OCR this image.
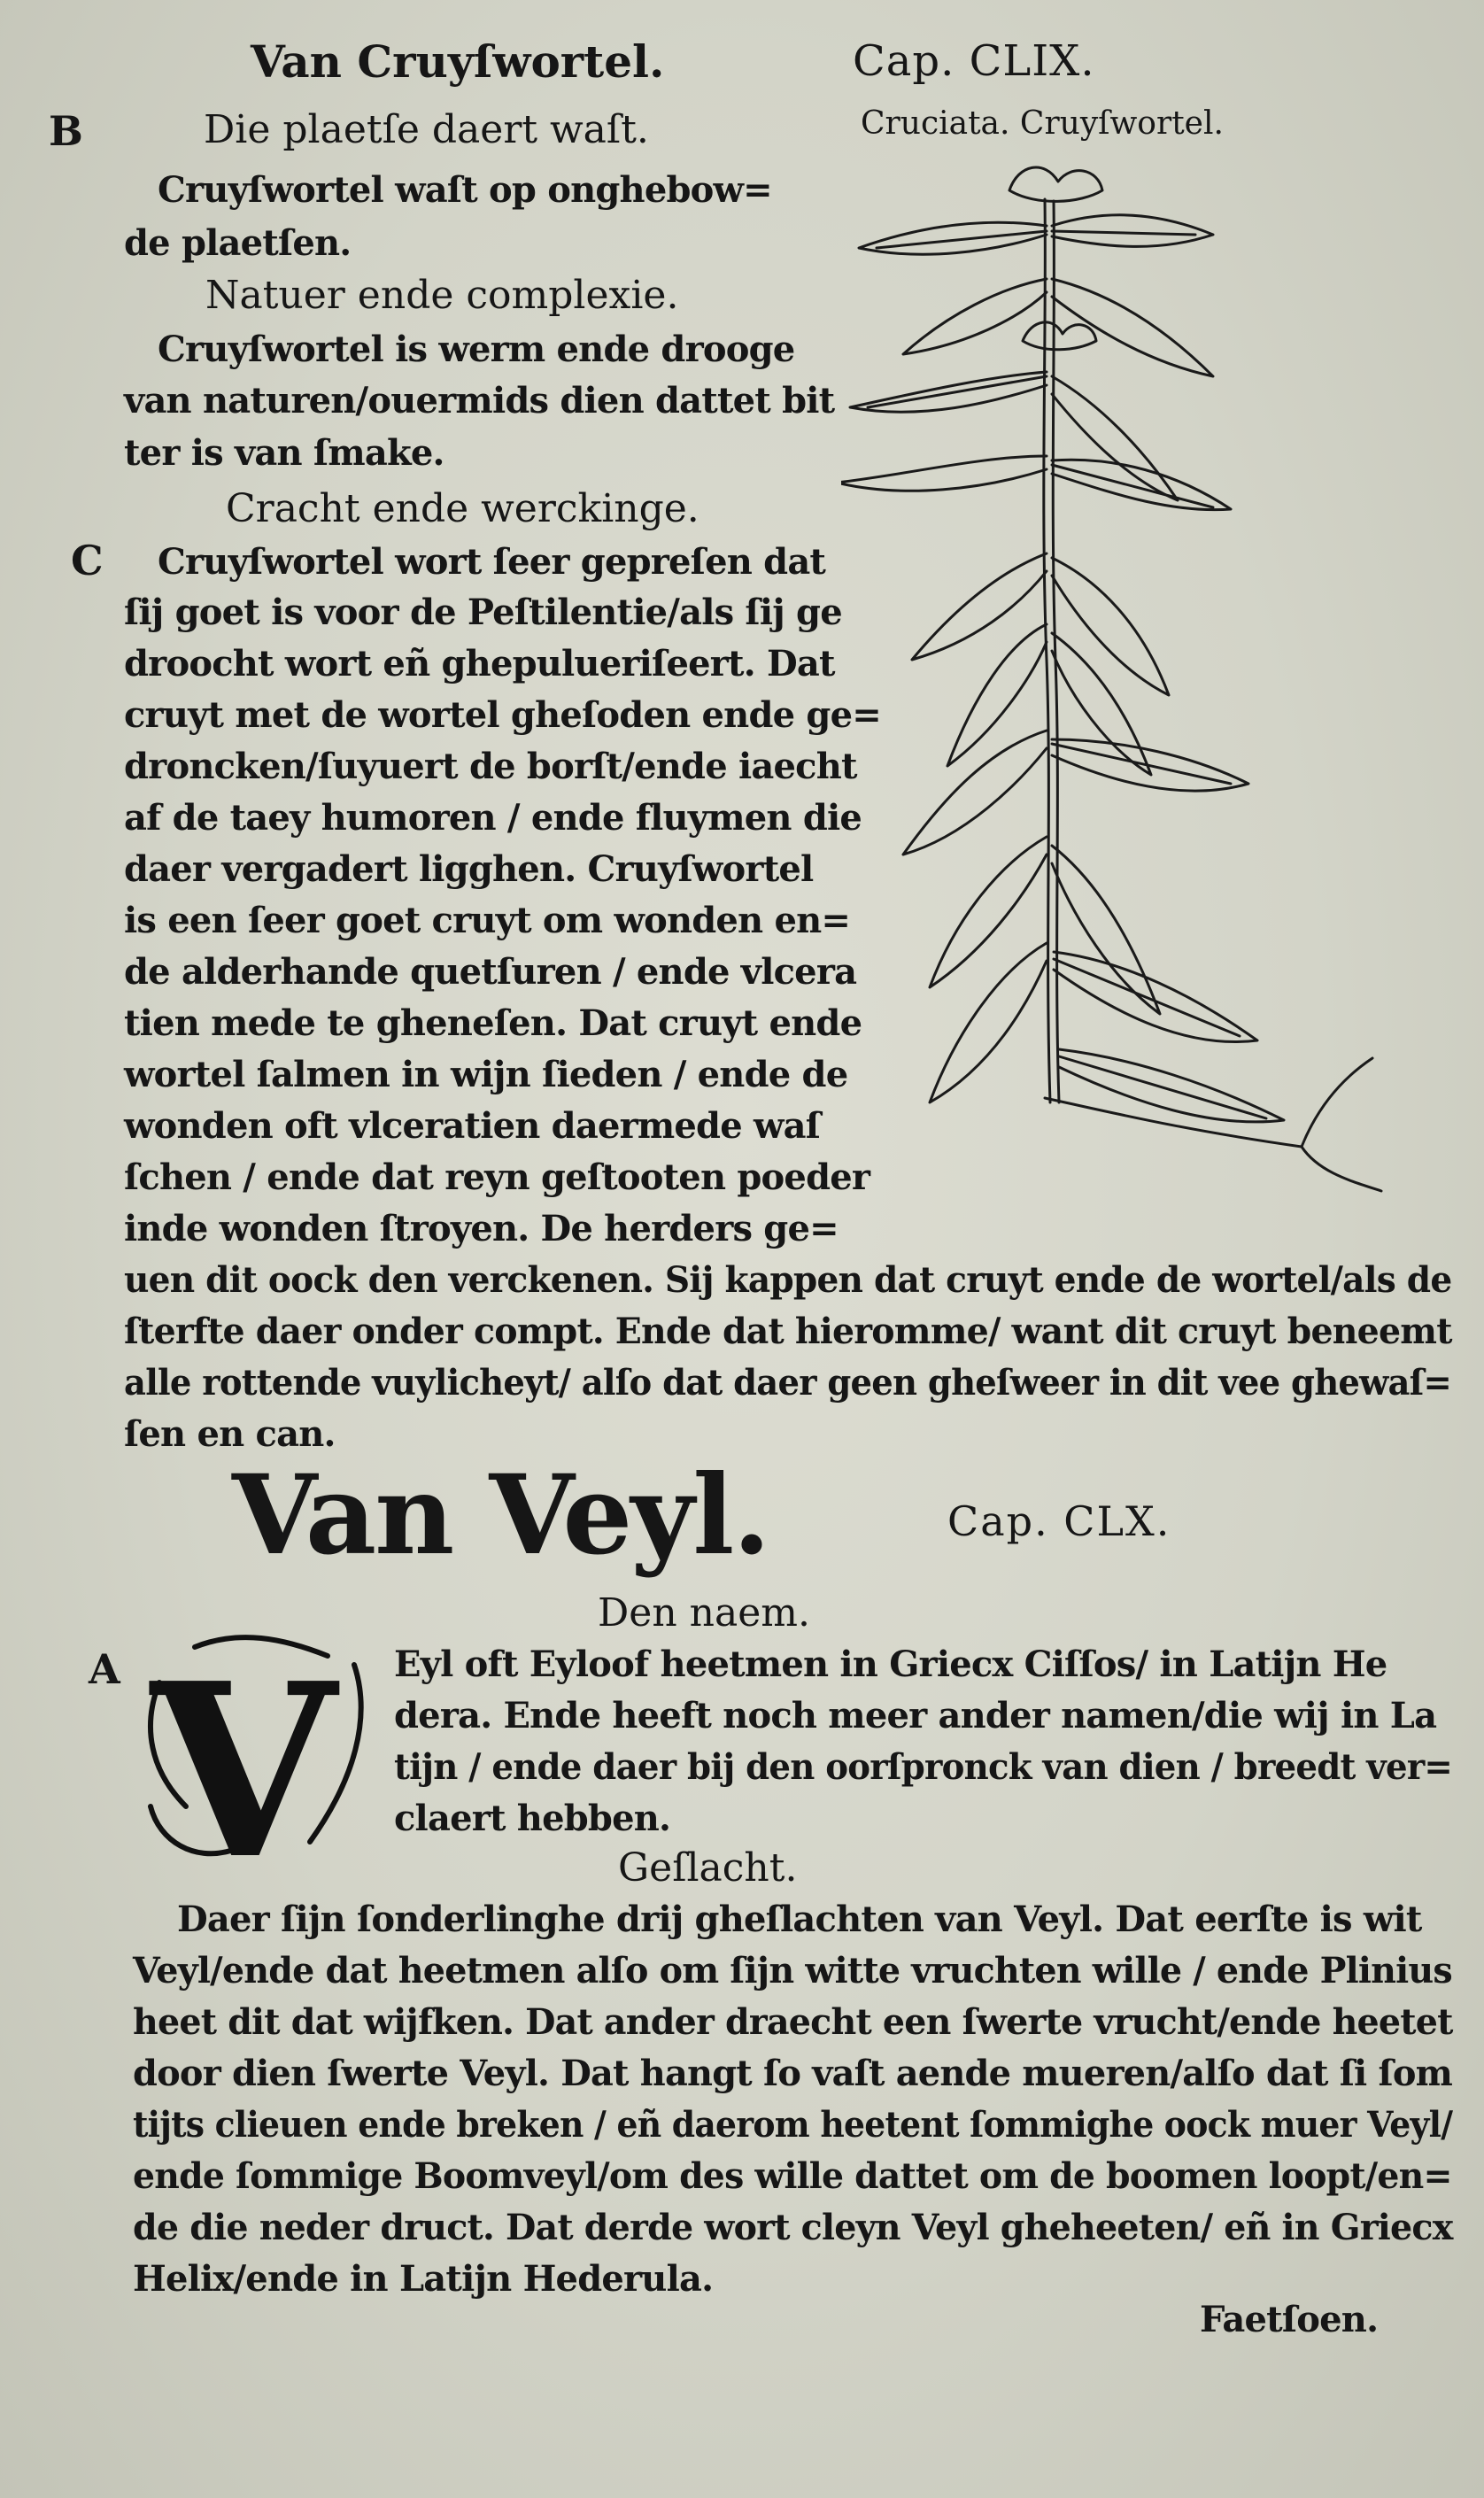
Van Cruyſwortel.	Cap. CLIX.
Cruciata. Cruyſwortel.
B	Die plaetſe daert waſt.
Cruyſwortel waſt op onghebow=
de plaetſen.
Natuer ende complexie.
Cruyſwortel is werm ende drooge
van naturen/ouermids dien dattet bit
ter is van ſmake.
Cracht ende werckinge.
C Cruyſwortel wort ſeer gepreſen dat
ſij goet is voor de Peſtilentie/als ſij ge
droocht wort eñ ghepulueriſeert. Dat
cruyt met de wortel gheſoden ende ge=
droncken/ſuyuert de borſt/ende iaecht
af de taey humoren / ende fluymen die
daer vergadert ligghen. Cruyſwortel
is een ſeer goet cruyt om wonden en=
de alderhande quetſuren / ende vlcera
tien mede te gheneſen. Dat cruyt ende
wortel ſalmen in wijn ſieden / ende de
wonden oft vlceratien daermede waſ
ſchen / ende dat reyn geſtooten poeder
inde wonden ſtroyen. De herders ge=
uen dit oock den verckenen. Sij kappen dat cruyt ende de wortel/als de
ſterfte daer onder compt. Ende dat hieromme/ want dit cruyt beneemt
alle rottende vuylicheyt/ alſo dat daer geen gheſweer in dit vee ghewaſ=
ſen en can.
Van Veyl.	Cap. CLX.
Den naem.
A V Eyl oft Eyloof heetmen in Griecx Ciſſos/ in Latijn He
dera. Ende heeft noch meer ander namen/die wij in La
tijn / ende daer bij den oorſpronck van dien / breedt ver=
claert hebben.
Geſlacht.
Daer ſijn ſonderlinghe drij gheſlachten van Veyl. Dat eerſte is wit
Veyl/ende dat heetmen alſo om ſijn witte vruchten wille / ende Plinius
heet dit dat wijfken. Dat ander draecht een ſwerte vrucht/ende heetet
door dien ſwerte Veyl. Dat hangt ſo vaſt aende mueren/alſo dat ſi ſom
tijts clieuen ende breken / eñ daerom heetent ſommighe oock muer Veyl/
ende ſommige Boomveyl/om des wille dattet om de boomen loopt/en=
de die neder druct. Dat derde wort cleyn Veyl gheheeten/ eñ in Griecx
Helix/ende in Latijn Hederula.
Faetſoen.
